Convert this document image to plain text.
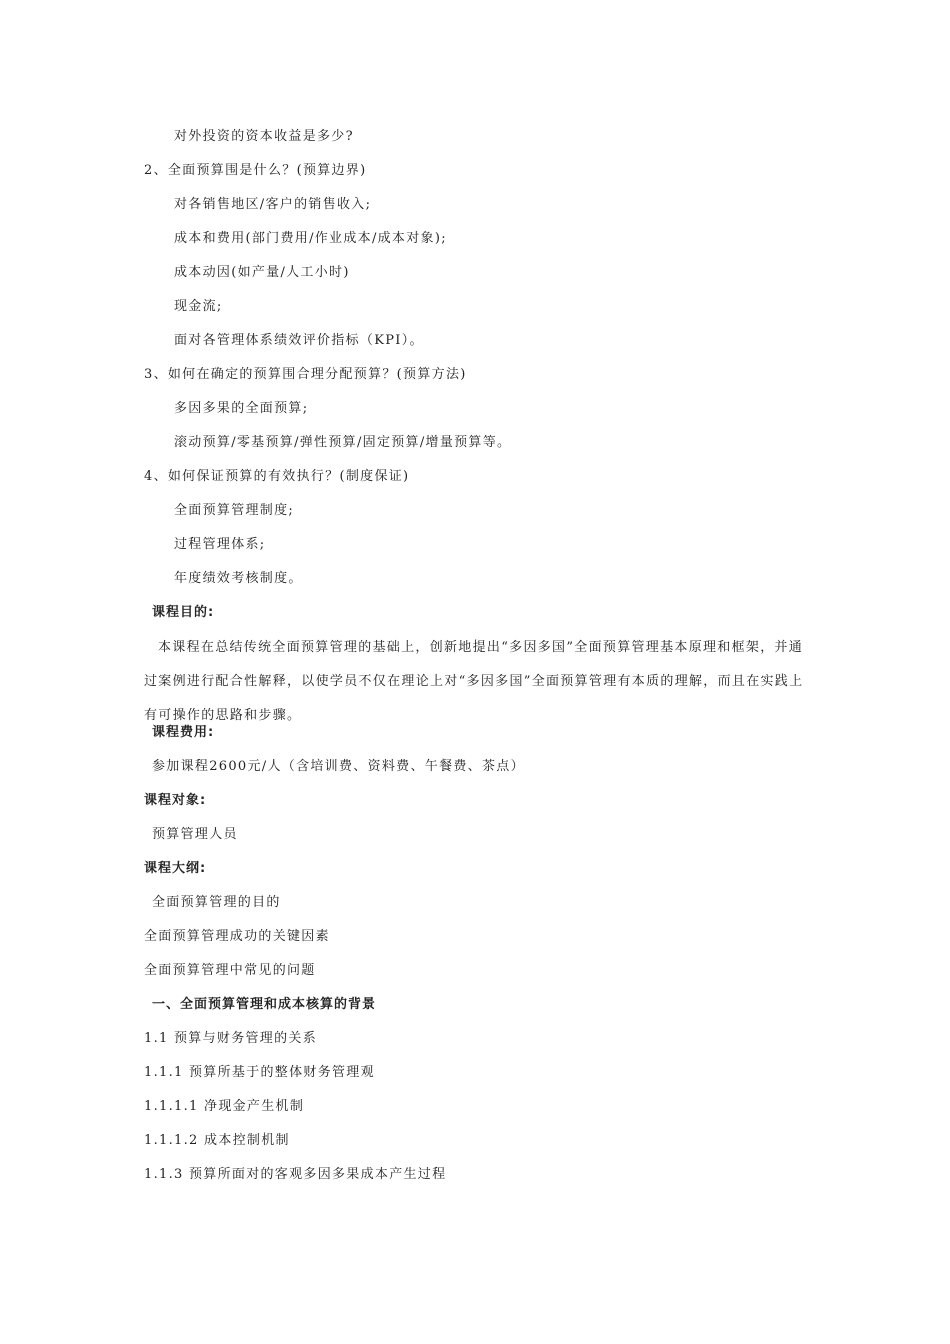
对外投资的资本收益是多少?
2、全面预算围是什么？(预算边界)
对各销售地区/客户的销售收入;
成本和费用(部门费用/作业成本/成本对象);
成本动因(如产量/人工小时)
现金流;
面对各管理体系绩效评价指标（KPI）。
3、如何在确定的预算围合理分配预算？(预算方法)
多因多果的全面预算;
滚动预算/零基预算/弹性预算/固定预算/增量预算等。
4、如何保证预算的有效执行？(制度保证)
全面预算管理制度;
过程管理体系;
年度绩效考核制度。
课程目的:
本课程在总结传统全面预算管理的基础上，创新地提出“多因多国”全面预算管理基本原理和框架，并通过案例进行配合性解释，以使学员不仅在理论上对“多因多国”全面预算管理有本质的理解，而且在实践上有可操作的思路和步骤。
课程费用:
参加课程2600元/人（含培训费、资料费、午餐费、茶点）
课程对象:
预算管理人员
课程大纲:
全面预算管理的目的
全面预算管理成功的关键因素
全面预算管理中常见的问题
一、全面预算管理和成本核算的背景
1.1 预算与财务管理的关系
1.1.1 预算所基于的整体财务管理观
1.1.1.1 净现金产生机制
1.1.1.2 成本控制机制
1.1.3 预算所面对的客观多因多果成本产生过程
